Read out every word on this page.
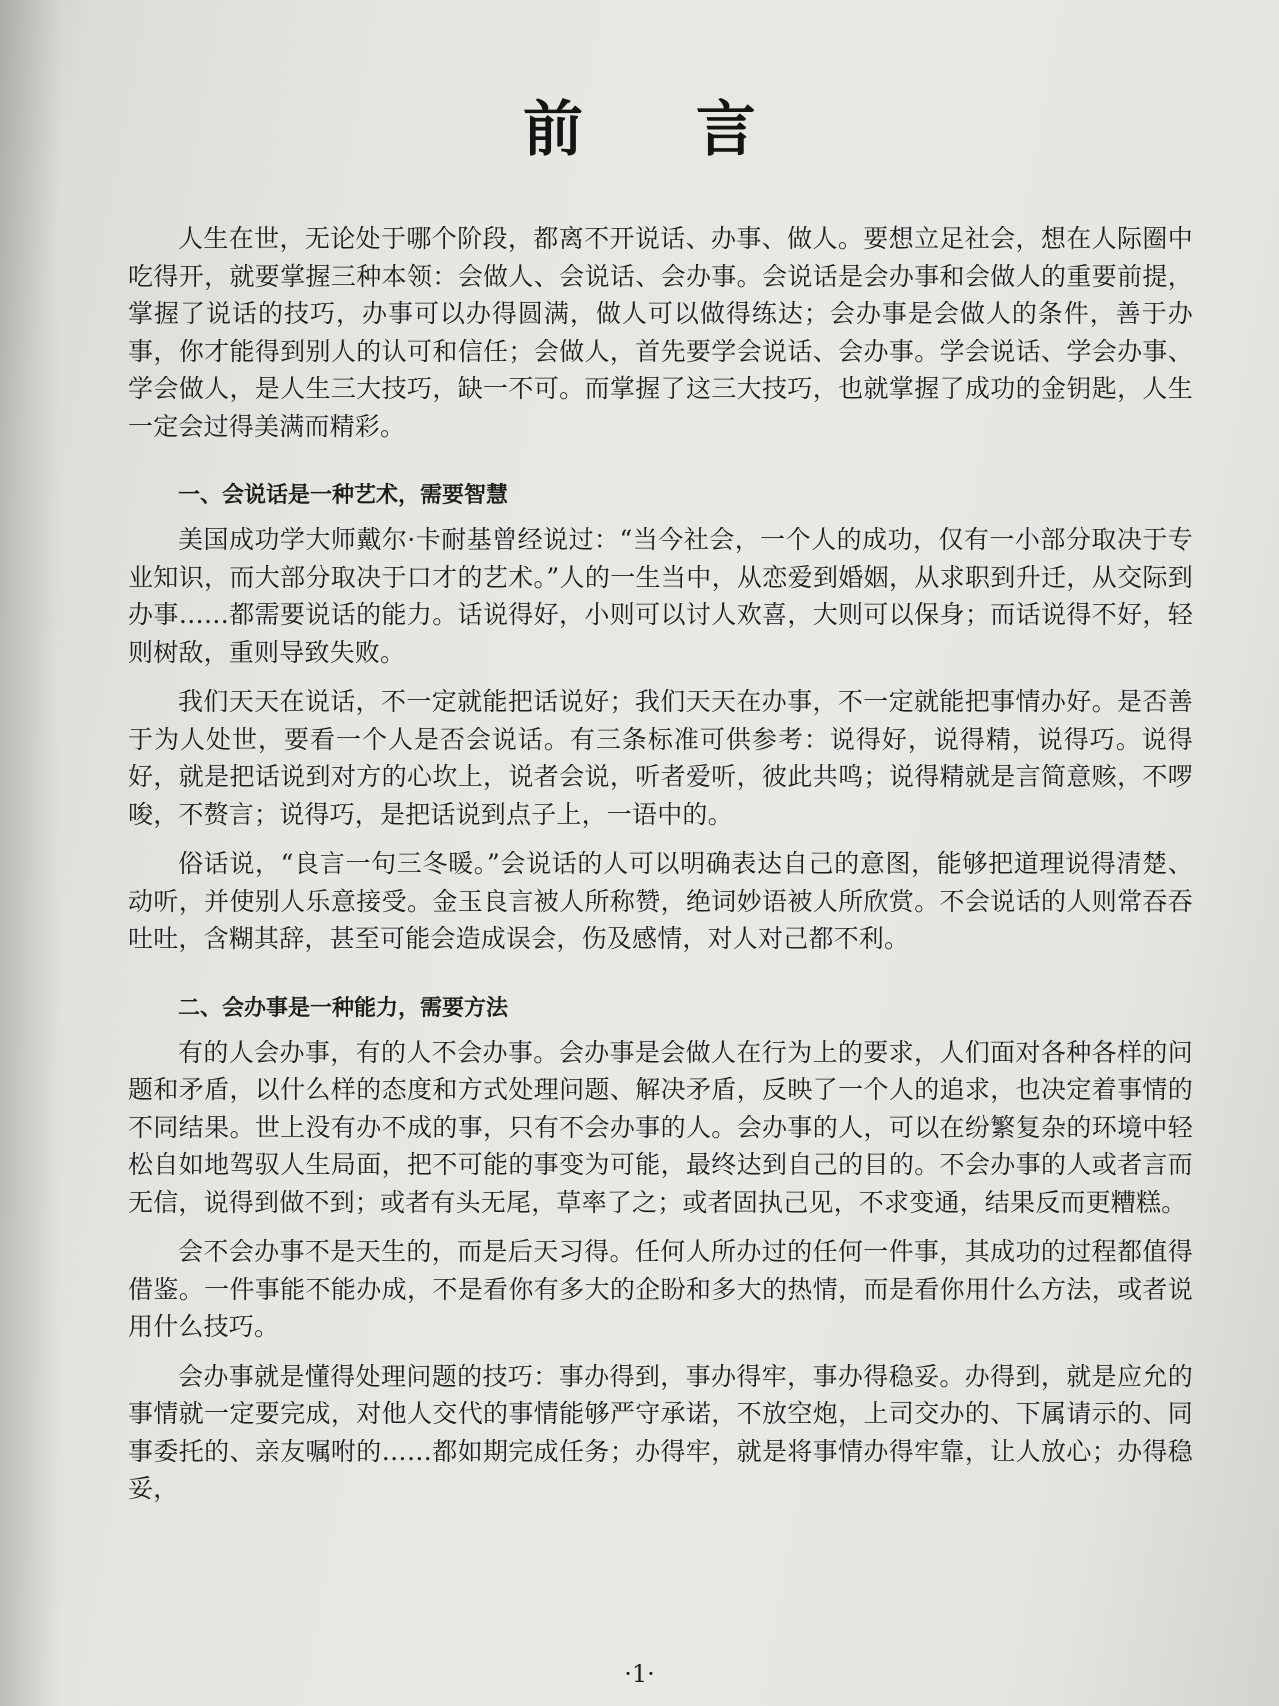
前 言

人生在世，无论处于哪个阶段，都离不开说话、办事、做人。要想立足社会，想在人际圈中吃得开，就要掌握三种本领：会做人、会说话、会办事。会说话是会办事和会做人的重要前提，掌握了说话的技巧，办事可以办得圆满，做人可以做得练达；会办事是会做人的条件，善于办事，你才能得到别人的认可和信任；会做人，首先要学会说话、会办事。学会说话、学会办事、学会做人，是人生三大技巧，缺一不可。而掌握了这三大技巧，也就掌握了成功的金钥匙，人生一定会过得美满而精彩。

一、会说话是一种艺术，需要智慧

美国成功学大师戴尔·卡耐基曾经说过：“当今社会，一个人的成功，仅有一小部分取决于专业知识，而大部分取决于口才的艺术。”人的一生当中，从恋爱到婚姻，从求职到升迁，从交际到办事……都需要说话的能力。话说得好，小则可以讨人欢喜，大则可以保身；而话说得不好，轻则树敌，重则导致失败。

我们天天在说话，不一定就能把话说好；我们天天在办事，不一定就能把事情办好。是否善于为人处世，要看一个人是否会说话。有三条标准可供参考：说得好，说得精，说得巧。说得好，就是把话说到对方的心坎上，说者会说，听者爱听，彼此共鸣；说得精就是言简意赅，不啰唆，不赘言；说得巧，是把话说到点子上，一语中的。

俗话说，“良言一句三冬暖。”会说话的人可以明确表达自己的意图，能够把道理说得清楚、动听，并使别人乐意接受。金玉良言被人所称赞，绝词妙语被人所欣赏。不会说话的人则常吞吞吐吐，含糊其辞，甚至可能会造成误会，伤及感情，对人对己都不利。

二、会办事是一种能力，需要方法

有的人会办事，有的人不会办事。会办事是会做人在行为上的要求，人们面对各种各样的问题和矛盾，以什么样的态度和方式处理问题、解决矛盾，反映了一个人的追求，也决定着事情的不同结果。世上没有办不成的事，只有不会办事的人。会办事的人，可以在纷繁复杂的环境中轻松自如地驾驭人生局面，把不可能的事变为可能，最终达到自己的目的。不会办事的人或者言而无信，说得到做不到；或者有头无尾，草率了之；或者固执己见，不求变通，结果反而更糟糕。

会不会办事不是天生的，而是后天习得。任何人所办过的任何一件事，其成功的过程都值得借鉴。一件事能不能办成，不是看你有多大的企盼和多大的热情，而是看你用什么方法，或者说用什么技巧。

会办事就是懂得处理问题的技巧：事办得到，事办得牢，事办得稳妥。办得到，就是应允的事情就一定要完成，对他人交代的事情能够严守承诺，不放空炮，上司交办的、下属请示的、同事委托的、亲友嘱咐的……都如期完成任务；办得牢，就是将事情办得牢靠，让人放心；办得稳妥，

·1·
